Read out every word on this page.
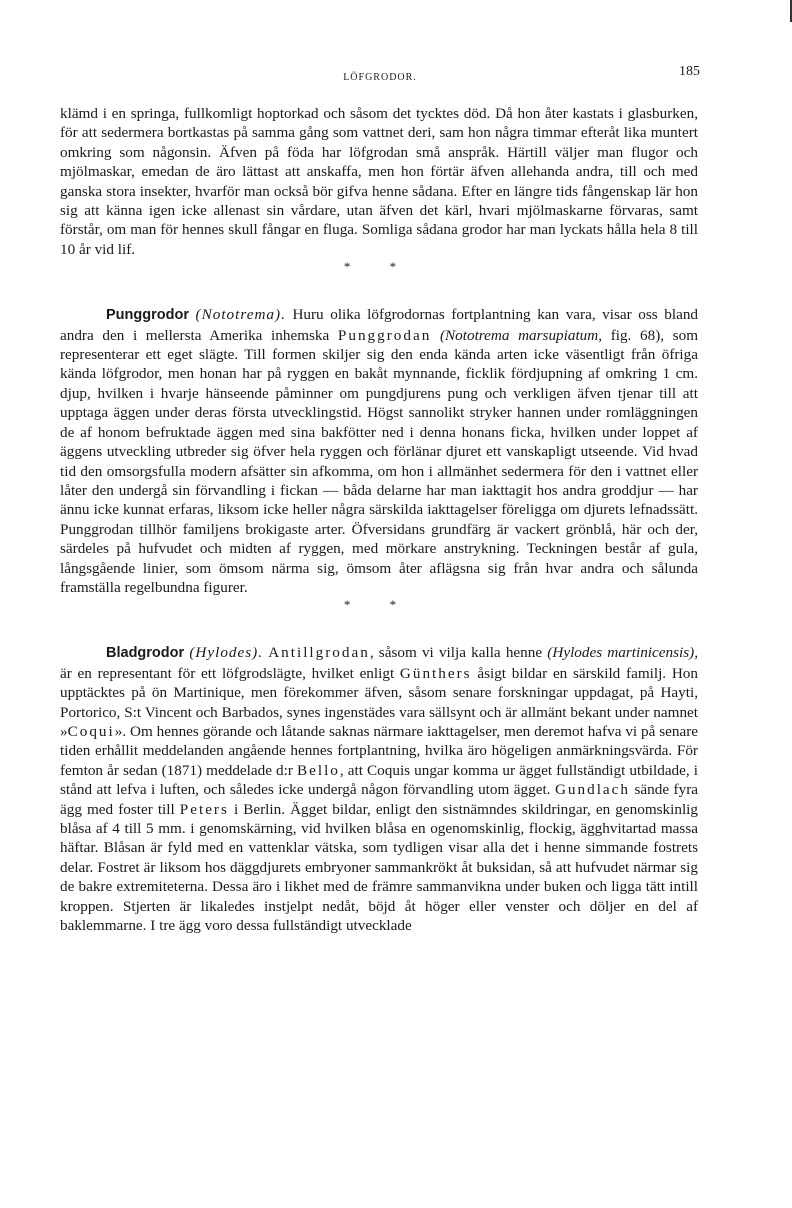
LÖFGRODOR.	185

klämd i en springa, fullkomligt hoptorkad och såsom det tycktes död. Då hon åter kastats i glasburken, för att sedermera bortkastas på samma gång som vattnet deri, sam hon några timmar efteråt lika muntert omkring som någonsin. Äfven på föda har löfgrodan små anspråk. Härtill väljer man flugor och mjölmaskar, emedan de äro lättast att anskaffa, men hon förtär äfven allehanda andra, till och med ganska stora insekter, hvarför man också bör gifva henne sådana. Efter en längre tids fångenskap lär hon sig att känna igen icke allenast sin vårdare, utan äfven det kärl, hvari mjölmaskarne förvaras, samt förstår, om man för hennes skull fångar en fluga. Somliga sådana grodor har man lyckats hålla hela 8 till 10 år vid lif.

* *

Punggrodor (Nototrema). Huru olika löfgrodornas fortplantning kan vara, visar oss bland andra den i mellersta Amerika inhemska Punggrodan (Nototrema marsupiatum, fig. 68), som representerar ett eget slägte. Till formen skiljer sig den enda kända arten icke väsentligt från öfriga kända löfgrodor, men honan har på ryggen en bakåt mynnande, ficklik fördjupning af omkring 1 cm. djup, hvilken i hvarje hänseende påminner om pungdjurens pung och verkligen äfven tjenar till att upptaga äggen under deras första utvecklingstid. Högst sannolikt stryker hannen under romläggningen de af honom befruktade äggen med sina bakfötter ned i denna honans ficka, hvilken under loppet af äggens utveckling utbreder sig öfver hela ryggen och förlänar djuret ett vanskapligt utseende. Vid hvad tid den omsorgsfulla modern afsätter sin afkomma, om hon i allmänhet sedermera för den i vattnet eller låter den undergå sin förvandling i fickan — båda delarne har man iakttagit hos andra groddjur — har ännu icke kunnat erfaras, liksom icke heller några särskilda iakttagelser föreligga om djurets lefnadssätt. Punggrodan tillhör familjens brokigaste arter. Öfversidans grundfärg är vackert grönblå, här och der, särdeles på hufvudet och midten af ryggen, med mörkare anstrykning. Teckningen består af gula, långsgående linier, som ömsom närma sig, ömsom åter aflägsna sig från hvar andra och sålunda framställa regelbundna figurer.

* *

Bladgrodor (Hylodes). Antillgrodan, såsom vi vilja kalla henne (Hylodes martinicensis), är en representant för ett löfgrodslägte, hvilket enligt Günthers åsigt bildar en särskild familj. Hon upptäcktes på ön Martinique, men förekommer äfven, såsom senare forskningar uppdagat, på Hayti, Portorico, S:t Vincent och Barbados, synes ingenstädes vara sällsynt och är allmänt bekant under namnet »Coqui». Om hennes görande och låtande saknas närmare iakttagelser, men deremot hafva vi på senare tiden erhållit meddelanden angående hennes fortplantning, hvilka äro högeligen anmärkningsvärda. För femton år sedan (1871) meddelade d:r Bello, att Coquis ungar komma ur ägget fullständigt utbildade, i stånd att lefva i luften, och således icke undergå någon förvandling utom ägget. Gundlach sände fyra ägg med foster till Peters i Berlin. Ägget bildar, enligt den sistnämndes skildringar, en genomskinlig blåsa af 4 till 5 mm. i genomskärning, vid hvilken blåsa en ogenomskinlig, flockig, ägghvitartad massa häftar. Blåsan är fyld med en vattenklar vätska, som tydligen visar alla det i henne simmande fostrets delar. Fostret är liksom hos däggdjurets embryoner sammankrökt åt buksidan, så att hufvudet närmar sig de bakre extremiteterna. Dessa äro i likhet med de främre sammanvikna under buken och ligga tätt intill kroppen. Stjerten är likaledes instjelpt nedåt, böjd åt höger eller venster och döljer en del af baklemmarne. I tre ägg voro dessa fullständigt utvecklade
